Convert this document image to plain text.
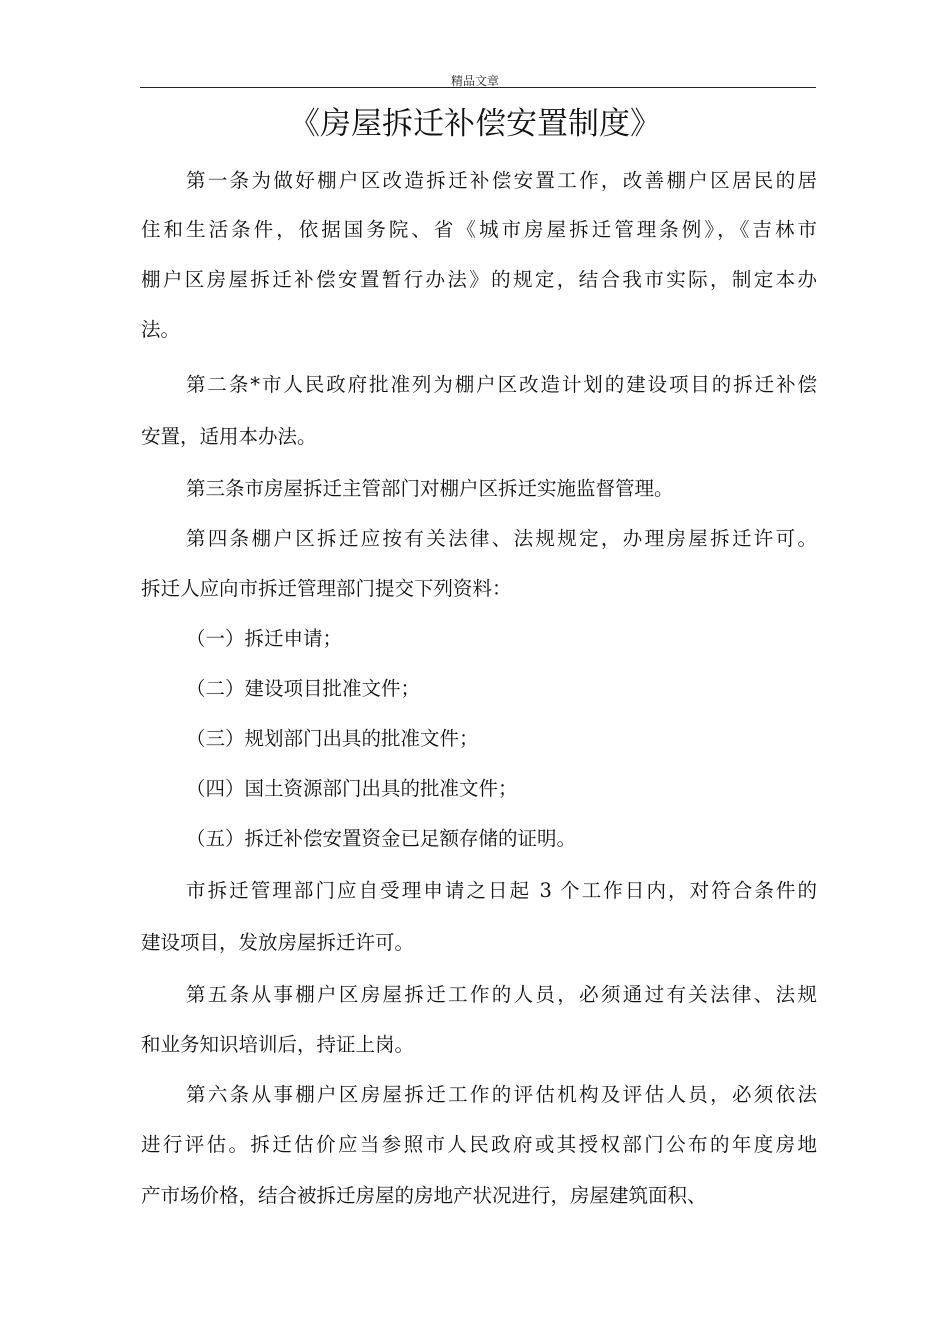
精品文章
《房屋拆迁补偿安置制度》
第一条为做好棚户区改造拆迁补偿安置工作，改善棚户区居民的居
住和生活条件，依据国务院、省《城市房屋拆迁管理条例》，《吉林市
棚户区房屋拆迁补偿安置暂行办法》的规定，结合我市实际，制定本办
法。
第二条*市人民政府批准列为棚户区改造计划的建设项目的拆迁补偿
安置，适用本办法。
第三条市房屋拆迁主管部门对棚户区拆迁实施监督管理。
第四条棚户区拆迁应按有关法律、法规规定，办理房屋拆迁许可。
拆迁人应向市拆迁管理部门提交下列资料：
（一）拆迁申请；
（二）建设项目批准文件；
（三）规划部门出具的批准文件；
（四）国土资源部门出具的批准文件；
（五）拆迁补偿安置资金已足额存储的证明。
市拆迁管理部门应自受理申请之日起 3 个工作日内，对符合条件的
建设项目，发放房屋拆迁许可。
第五条从事棚户区房屋拆迁工作的人员，必须通过有关法律、法规
和业务知识培训后，持证上岗。
第六条从事棚户区房屋拆迁工作的评估机构及评估人员，必须依法
进行评估。拆迁估价应当参照市人民政府或其授权部门公布的年度房地
产市场价格，结合被拆迁房屋的房地产状况进行，房屋建筑面积、
